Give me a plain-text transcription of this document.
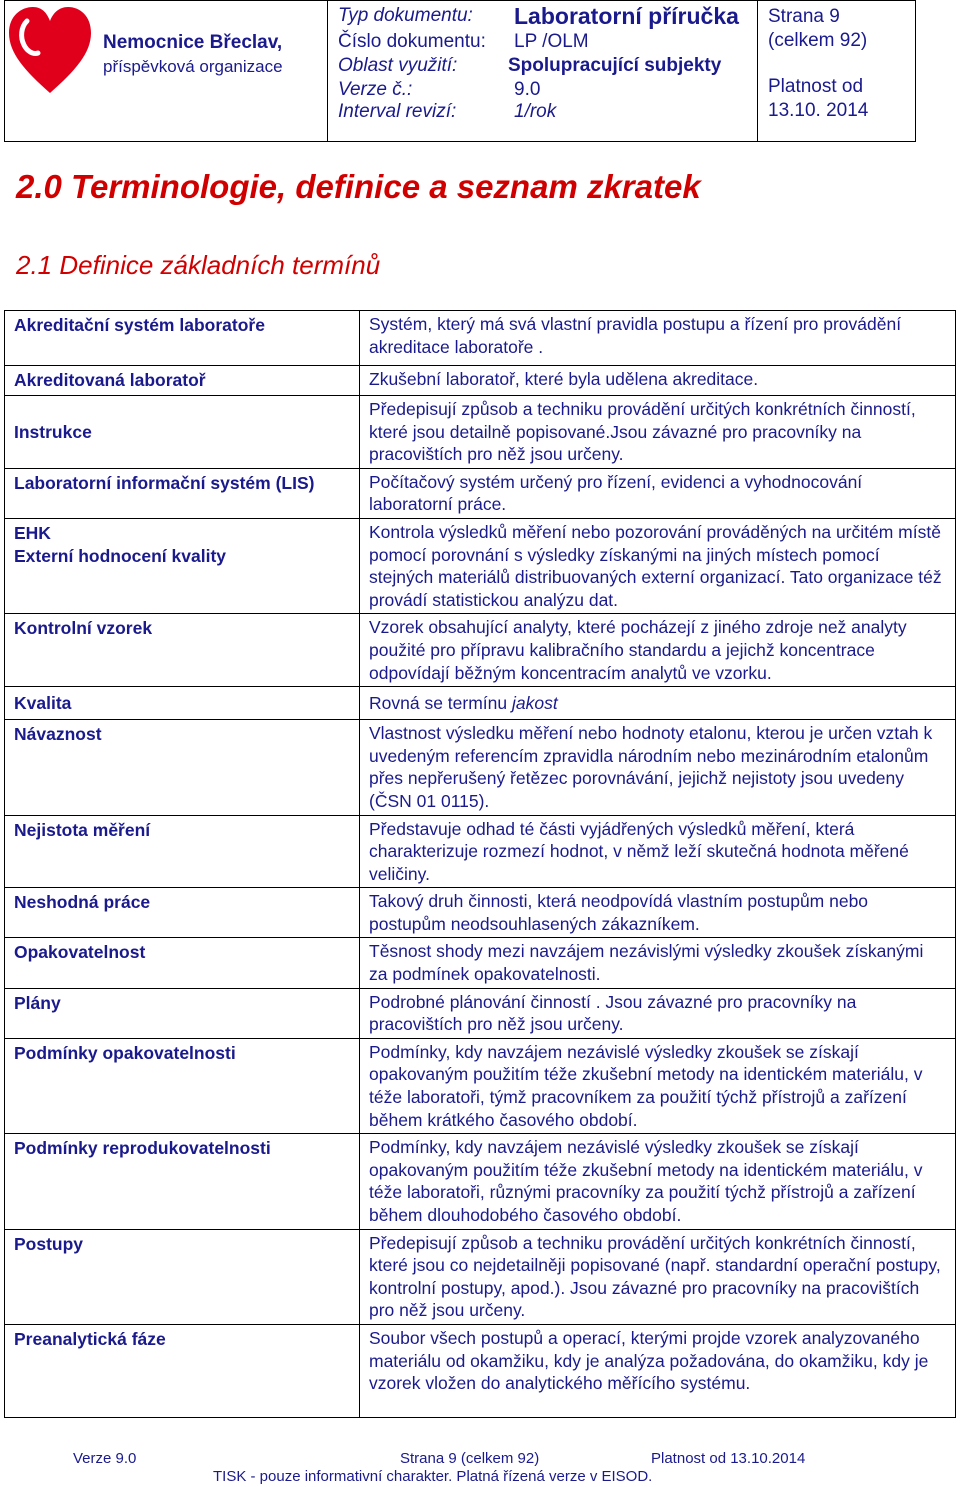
Nemocnice Břeclav,
příspěvková organizace
Typ dokumentu: Laboratorní příručka
Číslo dokumentu: LP /OLM
Oblast využití:	Spolupracující subjekty
Verze č.:	9.0
Interval revizí:	1/rok
Strana 9
(celkem 92)
Platnost od
13.10. 2014
2.0 Terminologie, definice a seznam zkratek
2.1 Definice základních termínů
Akreditační systém laboratoře	Systém, který má svá vlastní pravidla postupu a řízení pro provádění akreditace laboratoře .
Akreditovaná laboratoř	Zkušební laboratoř, které byla udělena akreditace.
Instrukce	Předepisují způsob a techniku provádění určitých konkrétních činností, které jsou detailně popisované.Jsou závazné pro pracovníky na pracovištích pro něž jsou určeny.
Laboratorní informační systém (LIS)	Počítačový systém určený pro řízení, evidenci a vyhodnocování laboratorní práce.

EHK
Externí hodnocení kvality	Kontrola výsledků měření nebo pozorování prováděných na určitém místě pomocí porovnání s výsledky získanými na jiných místech pomocí stejných materiálů distribuovaných externí organizací. Tato organizace též provádí statistickou analýzu dat.
Kontrolní vzorek	Vzorek obsahující analyty, které pocházejí z jiného zdroje než analyty použité pro přípravu kalibračního standardu a jejichž koncentrace odpovídají běžným koncentracím analytů ve vzorku.
Kvalita	Rovná se termínu jakost
Návaznost	Vlastnost výsledku měření nebo hodnoty etalonu, kterou je určen vztah k uvedeným referencím zpravidla národním nebo mezinárodním etalonům přes nepřerušený řetězec porovnávání, jejichž nejistoty jsou uvedeny (ČSN 01 0115).
Nejistota měření	Představuje odhad té části vyjádřených výsledků měření, která charakterizuje rozmezí hodnot, v němž leží skutečná hodnota měřené veličiny.
Neshodná práce	Takový druh činnosti, která neodpovídá vlastním postupům nebo postupům neodsouhlasených zákazníkem.
Opakovatelnost	Těsnost shody mezi navzájem nezávislými výsledky zkoušek získanými za podmínek opakovatelnosti.
Plány	Podrobné plánování činností . Jsou závazné pro pracovníky na pracovištích pro něž jsou určeny.
Podmínky opakovatelnosti	Podmínky, kdy navzájem nezávislé výsledky zkoušek se získají opakovaným použitím téže zkušební metody na identickém materiálu, v téže laboratoři, týmž pracovníkem za použití týchž přístrojů a zařízení během krátkého časového období.
Podmínky reprodukovatelnosti	Podmínky, kdy navzájem nezávislé výsledky zkoušek se získají opakovaným použitím téže zkušební metody na identickém materiálu, v téže laboratoři, různými pracovníky za použití týchž přístrojů a zařízení během dlouhodobého časového období.
Postupy	Předepisují způsob a techniku provádění určitých konkrétních činností, které jsou co nejdetailněji popisované (např. standardní operační postupy, kontrolní postupy, apod.). Jsou závazné pro pracovníky na pracovištích pro něž jsou určeny.
Preanalytická fáze	Soubor všech postupů a operací, kterými projde vzorek analyzovaného materiálu od okamžiku, kdy je analýza požadována, do okamžiku, kdy je vzorek vložen do analytického měřícího systému.
Verze 9.0	Strana 9 (celkem 92)	Platnost od 13.10.2014
TISK - pouze informativní charakter. Platná řízená verze v EISOD.
